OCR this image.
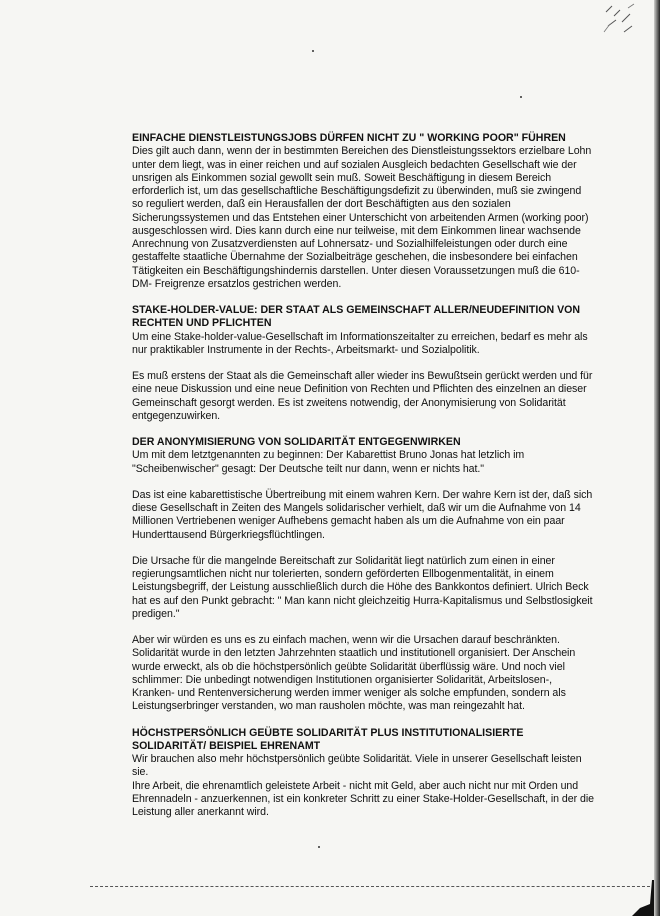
EINFACHE DIENSTLEISTUNGSJOBS DÜRFEN NICHT ZU " WORKING POOR" FÜHREN

Dies gilt auch dann, wenn der in bestimmten Bereichen des Dienstleistungssektors erzielbare Lohn unter dem liegt, was in einer reichen und auf sozialen Ausgleich bedachten Gesellschaft wie der unsrigen als Einkommen sozial gewollt sein muß. Soweit Beschäftigung in diesem Bereich erforderlich ist, um das gesellschaftliche Beschäftigungsdefizit zu überwinden, muß sie zwingend so reguliert werden, daß ein Herausfallen der dort Beschäftigten aus den sozialen Sicherungssystemen und das Entstehen einer Unterschicht von arbeitenden Armen (working poor) ausgeschlossen wird. Dies kann durch eine nur teilweise, mit dem Einkommen linear wachsende Anrechnung von Zusatzverdiensten auf Lohnersatz- und Sozialhilfeleistungen oder durch eine gestaffelte staatliche Übernahme der Sozialbeiträge geschehen, die insbesondere bei einfachen Tätigkeiten ein Beschäftigungshindernis darstellen. Unter diesen Voraussetzungen muß die 610-DM- Freigrenze ersatzlos gestrichen werden.

STAKE-HOLDER-VALUE: DER STAAT ALS GEMEINSCHAFT ALLER/NEUDEFINITION VON RECHTEN UND PFLICHTEN

Um eine Stake-holder-value-Gesellschaft im Informationszeitalter zu erreichen, bedarf es mehr als nur praktikabler Instrumente in der Rechts-, Arbeitsmarkt- und Sozialpolitik.

Es muß erstens der Staat als die Gemeinschaft aller wieder ins Bewußtsein gerückt werden und für eine neue Diskussion und eine neue Definition von Rechten und Pflichten des einzelnen an dieser Gemeinschaft gesorgt werden. Es ist zweitens notwendig, der Anonymisierung von Solidarität entgegenzuwirken.

DER ANONYMISIERUNG VON SOLIDARITÄT ENTGEGENWIRKEN

Um mit dem letztgenannten zu beginnen: Der Kabarettist Bruno Jonas hat letzlich im "Scheibenwischer" gesagt: Der Deutsche teilt nur dann, wenn er nichts hat."

Das ist eine kabarettistische Übertreibung mit einem wahren Kern. Der wahre Kern ist der, daß sich diese Gesellschaft in Zeiten des Mangels solidarischer verhielt, daß wir um die Aufnahme von 14 Millionen Vertriebenen weniger Aufhebens gemacht haben als um die Aufnahme von ein paar Hunderttausend Bürgerkriegsflüchtlingen.

Die Ursache für die mangelnde Bereitschaft zur Solidarität liegt natürlich zum einen in einer regierungsamtlichen nicht nur tolerierten, sondern geförderten Ellbogenmentalität, in einem Leistungsbegriff, der Leistung ausschließlich durch die Höhe des Bankkontos definiert. Ulrich Beck hat es auf den Punkt gebracht: " Man kann nicht gleichzeitig Hurra-Kapitalismus und Selbstlosigkeit predigen."

Aber wir würden es uns es zu einfach machen, wenn wir die Ursachen darauf beschränkten. Solidarität wurde in den letzten Jahrzehnten staatlich und institutionell organisiert. Der Anschein wurde erweckt, als ob die höchstpersönlich geübte Solidarität überflüssig wäre. Und noch viel schlimmer: Die unbedingt notwendigen Institutionen organisierter Solidarität, Arbeitslosen-, Kranken- und Rentenversicherung werden immer weniger als solche empfunden, sondern als Leistungserbringer verstanden, wo man rausholen möchte, was man reingezahlt hat.

HÖCHSTPERSÖNLICH GEÜBTE SOLIDARITÄT PLUS INSTITUTIONALISIERTE SOLIDARITÄT/ BEISPIEL EHRENAMT

Wir brauchen also mehr höchstpersönlich geübte Solidarität. Viele in unserer Gesellschaft leisten sie.

Ihre Arbeit, die ehrenamtlich geleistete Arbeit - nicht mit Geld, aber auch nicht nur mit Orden und Ehrennadeln - anzuerkennen, ist ein konkreter Schritt zu einer Stake-Holder-Gesellschaft, in der die Leistung aller anerkannt wird.
